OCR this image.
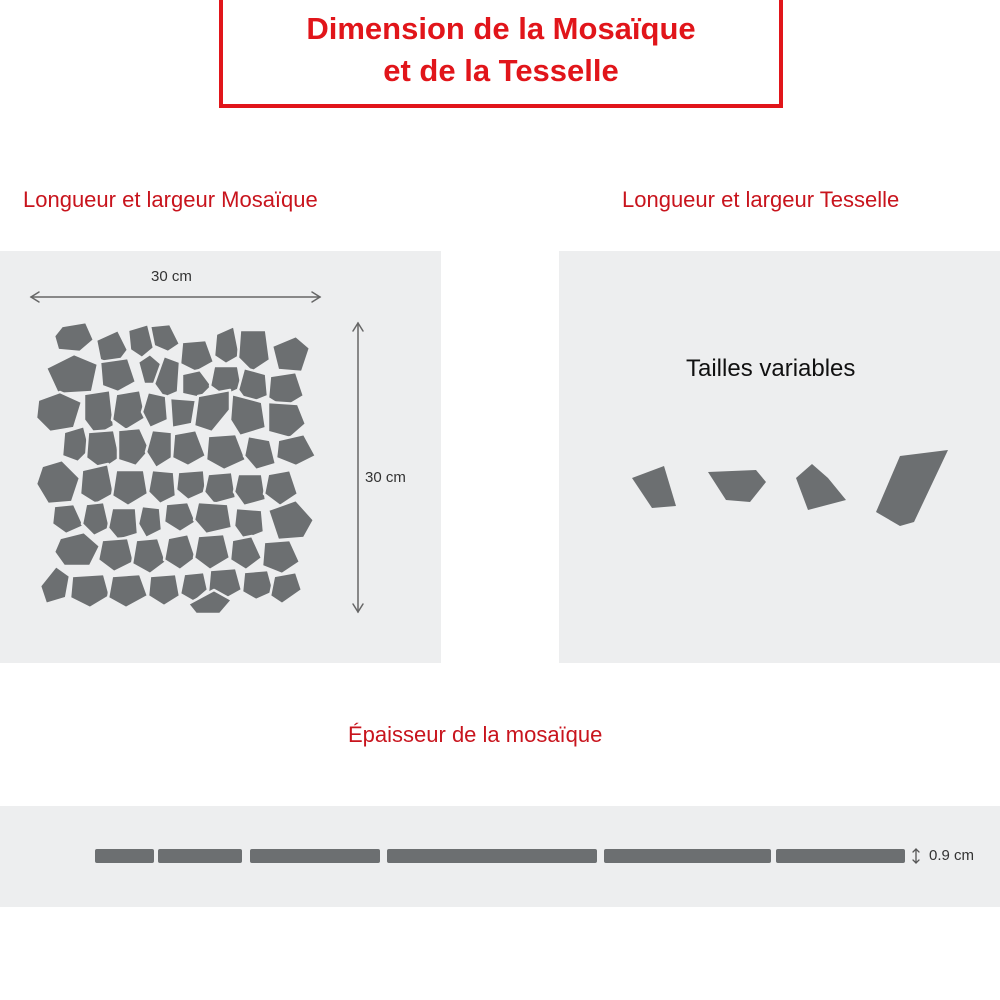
Dimension de la Mosaïque
et de la Tesselle
Longueur et largeur Mosaïque	Longueur et largeur Tesselle
30 cm
30 cm
Tailles variables
Épaisseur de la mosaïque
0.9 cm
